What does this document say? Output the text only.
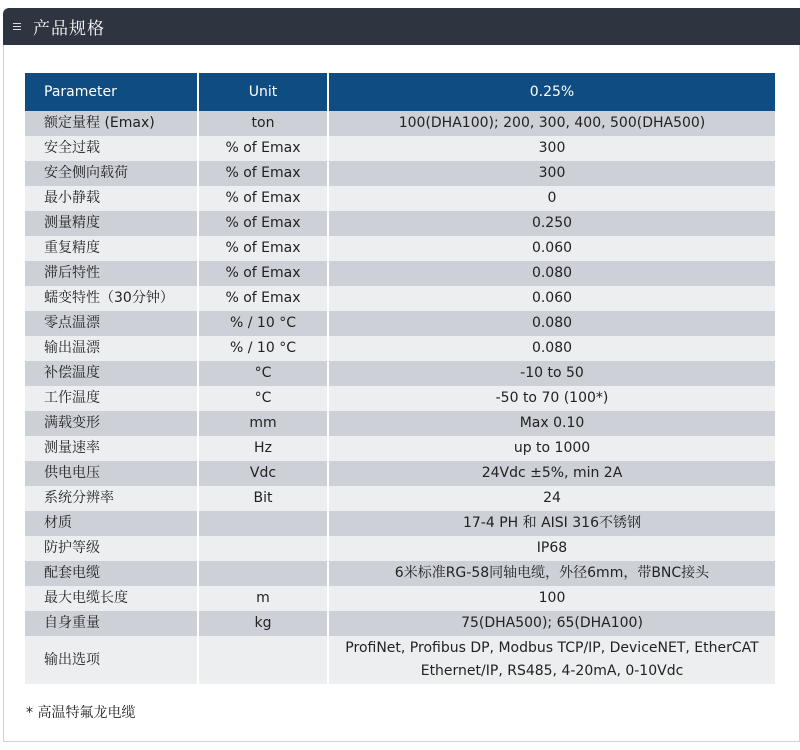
产品规格
Parameter	Unit	0.25%
额定量程 (Emax)	ton	100(DHA100); 200, 300, 400, 500(DHA500)
安全过载	% of Emax	300
安全侧向载荷	% of Emax	300
最小静载	% of Emax	0
测量精度	% of Emax	0.250
重复精度	% of Emax	0.060
滞后特性	% of Emax	0.080
蠕变特性（30分钟）	% of Emax	0.060
零点温漂	% / 10 °C	0.080
输出温漂	% / 10 °C	0.080
补偿温度	°C	-10 to 50
工作温度	°C	-50 to 70 (100*)
满载变形	mm	Max 0.10
测量速率	Hz	up to 1000
供电电压	Vdc	24Vdc ±5%, min 2A
系统分辨率	Bit	24
材质		17-4 PH 和 AISI 316不锈钢
防护等级		IP68
配套电缆		6米标准RG-58同轴电缆，外径6mm，带BNC接头
最大电缆长度	m	100
自身重量	kg	75(DHA500); 65(DHA100)
输出选项		ProfiNet, Profibus DP, Modbus TCP/IP, DeviceNET, EtherCAT
Ethernet/IP, RS485, 4-20mA, 0-10Vdc
* 高温特氟龙电缆
